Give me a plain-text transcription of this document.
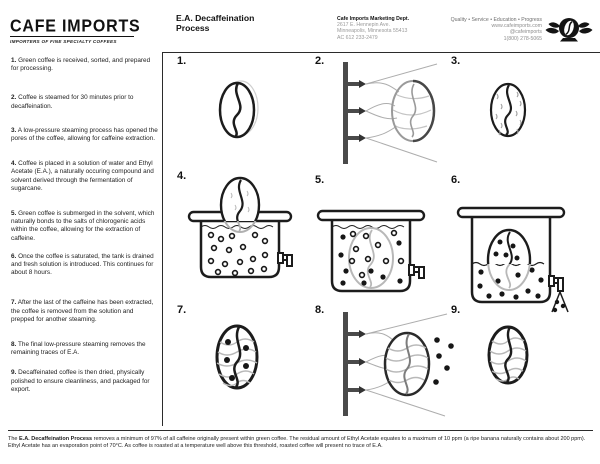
CAFE IMPORTS
IMPORTERS OF FINE SPECIALTY COFFEES
E.A. Decaffeination
Process
Cafe Imports Marketing Dept.
2617 E. Hennepin Ave.
Minneapolis, Minnesota 55413
AC 612 233-2479
Quality • Service • Education • Progress
www.cafeimports.com
@cafeimports
1(800) 278-5065
1. Green coffee is received, sorted, and prepared for processing.
2. Coffee is steamed for 30 minutes prior to decaffeination.
3. A low-pressure steaming process has opened the pores of the coffee, allowing for caffeine extraction.
4. Coffee is placed in a solution of water and Ethyl Acetate (E.A.), a naturally occuring compound and solvent derived through the fermentation of sugarcane.
5. Green coffee is submerged in the solvent, which naturally bonds to the salts of chlorogenic acids within the coffee, allowing for the extraction of caffeine.
6. Once the coffee is saturated, the tank is drained and fresh solution is introduced. This continues for about 8 hours.
7. After the last of the caffeine has been extracted, the coffee is removed from the solution and prepped for another steaming.
8. The final low-pressure steaming removes the remaining traces of E.A.
9. Decaffeinated coffee is then dried, physically polished to ensure cleanliness, and packaged for export.
1.	2.	3.
4.	5.	6.
7.	8.	9.
The E.A. Decaffeination Process removes a minimum of 97% of all caffeine originally present within green coffee. The residual amount of Ethyl Acetate equates to a maximum of 10 ppm (a ripe banana naturally contains about 200 ppm). Ethyl Acetate has an evaporation point of 70°C. As coffee is roasted at a temperature well above this threshold, roasted coffee will present no trace of E.A.
